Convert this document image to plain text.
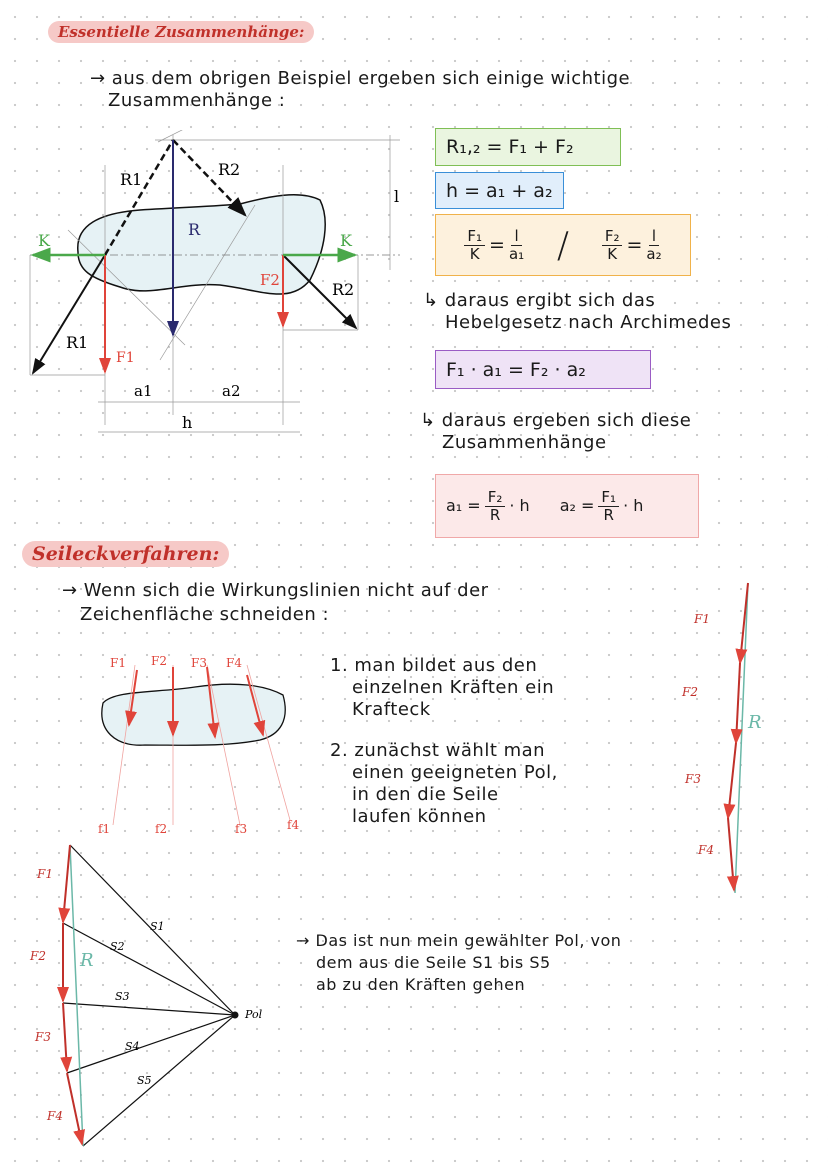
Essentielle Zusammenhänge:
→ aus dem obrigen Beispiel ergeben sich einige wichtige
Zusammenhänge :
R1
R2
R
K	K
F2	R2
R1
F1
a1	a2
h
l
R₁,₂ = F₁ + F₂
h = a₁ + a₂
$\frac{\text{F₁}}{K} = \frac{l}{\text{a₁}} / \frac{\text{F₂}}{K} = \frac{l}{\text{a₂}}$
↳ daraus ergibt sich das
Hebelgesetz nach Archimedes
F₁ · a₁ = F₂ · a₂
↳ daraus ergeben sich diese
Zusammenhänge
$a_1 = \frac{\text{F₂}}{R} \cdot h$ $a_2 = \frac{\text{F₁}}{R} \cdot h$
Seileckverfahren:
→ Wenn sich die Wirkungslinien nicht auf der
Zeichenfläche schneiden :
F1 F2 F3 F4
f1	f2	f3	f4
1. man bildet aus den
einzelnen Kräften ein
Krafteck
2. zunächst wählt man
einen geeigneten Pol,
in den die Seile
laufen können
F1
F2
F3
F4
R
F1
F2
F3
F4
R
S1
S2
S3
S4
S5
Pol
→ Das ist nun mein gewählter Pol, von
dem aus die Seile S1 bis S5
ab zu den Kräften gehen
